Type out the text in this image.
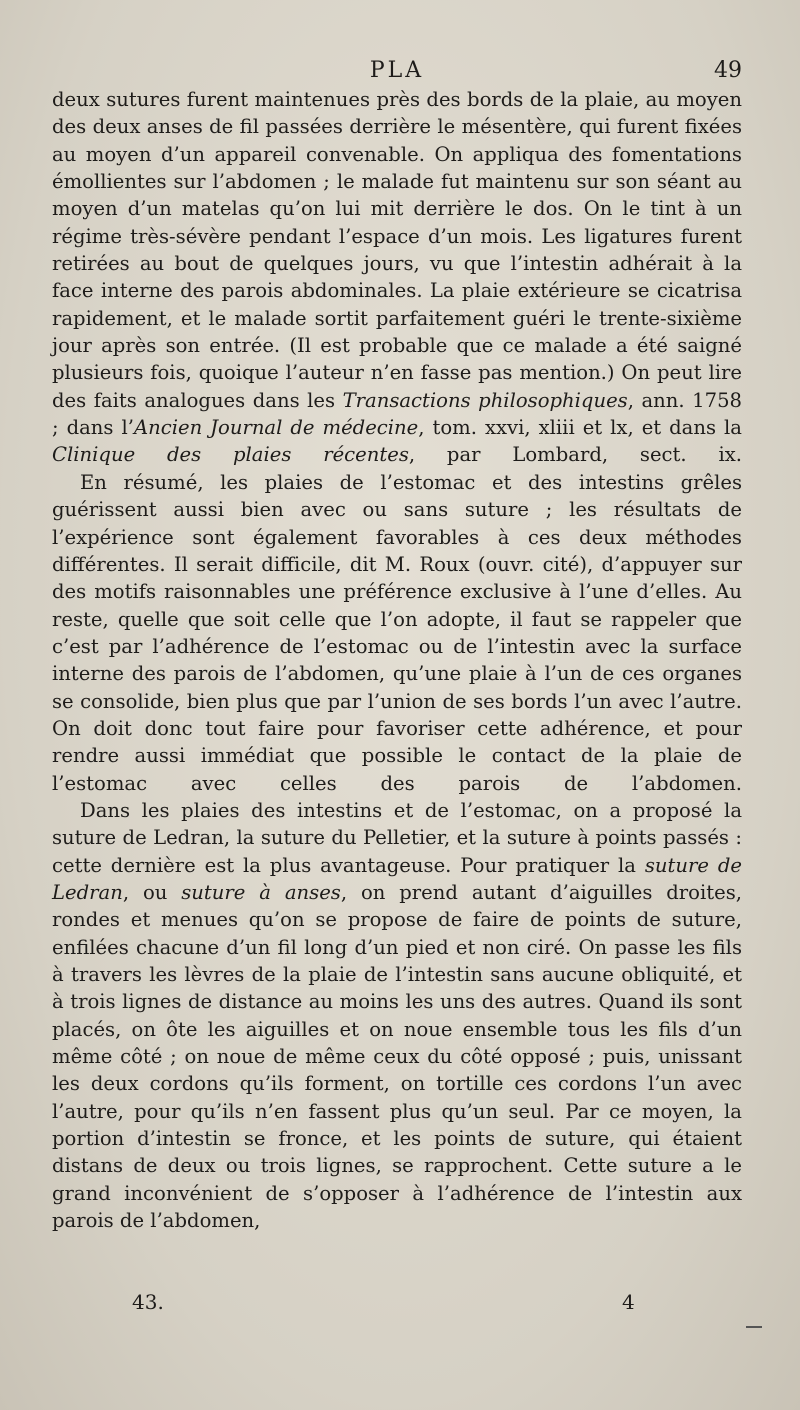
PLA	49

deux sutures furent maintenues près des bords de la plaie, au moyen des deux anses de fil passées derrière le mésentère, qui furent fixées au moyen d’un appareil convenable. On appliqua des fomentations émollientes sur l’abdomen ; le malade fut maintenu sur son séant au moyen d’un matelas qu’on lui mit derrière le dos. On le tint à un régime très-sévère pendant l’espace d’un mois. Les ligatures furent retirées au bout de quelques jours, vu que l’intestin adhérait à la face interne des parois abdominales. La plaie extérieure se cicatrisa rapidement, et le malade sortit parfaitement guéri le trente-sixième jour après son entrée. (Il est probable que ce malade a été saigné plusieurs fois, quoique l’auteur n’en fasse pas mention.) On peut lire des faits analogues dans les Transactions philosophiques, ann. 1758 ; dans l’Ancien Journal de médecine, tom. xxvi, xliii et lx, et dans la Clinique des plaies récentes, par Lombard, sect. ix.

En résumé, les plaies de l’estomac et des intestins grêles guérissent aussi bien avec ou sans suture ; les résultats de l’expérience sont également favorables à ces deux méthodes différentes. Il serait difficile, dit M. Roux (ouvr. cité), d’appuyer sur des motifs raisonnables une préférence exclusive à l’une d’elles. Au reste, quelle que soit celle que l’on adopte, il faut se rappeler que c’est par l’adhérence de l’estomac ou de l’intestin avec la surface interne des parois de l’abdomen, qu’une plaie à l’un de ces organes se consolide, bien plus que par l’union de ses bords l’un avec l’autre. On doit donc tout faire pour favoriser cette adhérence, et pour rendre aussi immédiat que possible le contact de la plaie de l’estomac avec celles des parois de l’abdomen.

Dans les plaies des intestins et de l’estomac, on a proposé la suture de Ledran, la suture du Pelletier, et la suture à points passés : cette dernière est la plus avantageuse. Pour pratiquer la suture de Ledran, ou suture à anses, on prend autant d’aiguilles droites, rondes et menues qu’on se propose de faire de points de suture, enfilées chacune d’un fil long d’un pied et non ciré. On passe les fils à travers les lèvres de la plaie de l’intestin sans aucune obliquité, et à trois lignes de distance au moins les uns des autres. Quand ils sont placés, on ôte les aiguilles et on noue ensemble tous les fils d’un même côté ; on noue de même ceux du côté opposé ; puis, unissant les deux cordons qu’ils forment, on tortille ces cordons l’un avec l’autre, pour qu’ils n’en fassent plus qu’un seul. Par ce moyen, la portion d’intestin se fronce, et les points de suture, qui étaient distans de deux ou trois lignes, se rapprochent. Cette suture a le grand inconvénient de s’opposer à l’adhérence de l’intestin aux parois de l’abdomen,

43.	4
